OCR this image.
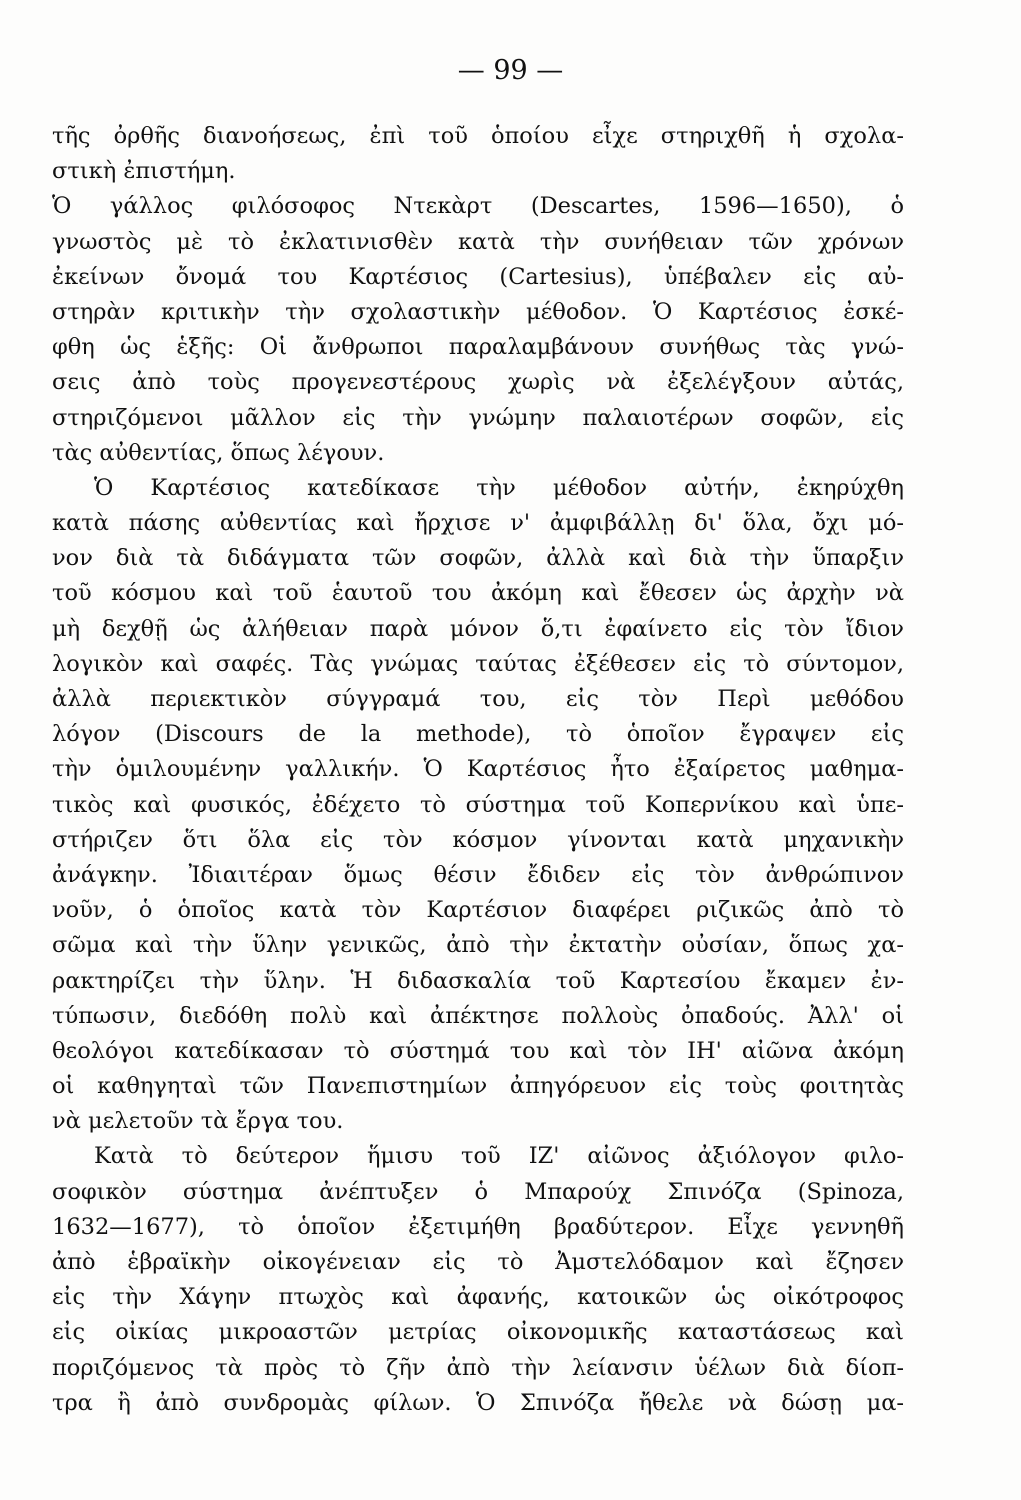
— 99 —
τῆς ὀρθῆς διανοήσεως, ἐπὶ τοῦ ὁποίου εἶχε στηριχθῆ ἡ σχολα-
στικὴ ἐπιστήμη.
Ὁ γάλλος φιλόσοφος Ντεκὰρτ (Descartes, 1596—1650), ὁ
γνωστὸς μὲ τὸ ἐκλατινισθὲν κατὰ τὴν συνήθειαν τῶν χρόνων
ἐκείνων ὄνομά του Καρτέσιος (Cartesius), ὑπέβαλεν εἰς αὐ-
στηρὰν κριτικὴν τὴν σχολαστικὴν μέθοδον. Ὁ Καρτέσιος ἐσκέ-
φθη ὡς ἑξῆς: Οἱ ἄνθρωποι παραλαμβάνουν συνήθως τὰς γνώ-
σεις ἀπὸ τοὺς προγενεστέρους χωρὶς νὰ ἐξελέγξουν αὐτάς,
στηριζόμενοι μᾶλλον εἰς τὴν γνώμην παλαιοτέρων σοφῶν, εἰς
τὰς αὐθεντίας, ὅπως λέγουν.
Ὁ Καρτέσιος κατεδίκασε τὴν μέθοδον αὐτήν, ἐκηρύχθη
κατὰ πάσης αὐθεντίας καὶ ἤρχισε ν' ἀμφιβάλλῃ δι' ὅλα, ὄχι μό-
νον διὰ τὰ διδάγματα τῶν σοφῶν, ἀλλὰ καὶ διὰ τὴν ὕπαρξιν
τοῦ κόσμου καὶ τοῦ ἑαυτοῦ του ἀκόμη καὶ ἔθεσεν ὡς ἀρχὴν νὰ
μὴ δεχθῇ ὡς ἀλήθειαν παρὰ μόνον ὅ,τι ἐφαίνετο εἰς τὸν ἴδιον
λογικὸν καὶ σαφές. Τὰς γνώμας ταύτας ἐξέθεσεν εἰς τὸ σύντομον,
ἀλλὰ περιεκτικὸν σύγγραμά του, εἰς τὸν Περὶ μεθόδου
λόγον (Discours de la methode), τὸ ὁποῖον ἔγραψεν εἰς
τὴν ὁμιλουμένην γαλλικήν. Ὁ Καρτέσιος ἦτο ἐξαίρετος μαθημα-
τικὸς καὶ φυσικός, ἐδέχετο τὸ σύστημα τοῦ Κοπερνίκου καὶ ὑπε-
στήριζεν ὅτι ὅλα εἰς τὸν κόσμον γίνονται κατὰ μηχανικὴν
ἀνάγκην. Ἰδιαιτέραν ὅμως θέσιν ἔδιδεν εἰς τὸν ἀνθρώπινον
νοῦν, ὁ ὁποῖος κατὰ τὸν Καρτέσιον διαφέρει ριζικῶς ἀπὸ τὸ
σῶμα καὶ τὴν ὕλην γενικῶς, ἀπὸ τὴν ἐκτατὴν οὐσίαν, ὅπως χα-
ρακτηρίζει τὴν ὕλην. Ἡ διδασκαλία τοῦ Καρτεσίου ἔκαμεν ἐν-
τύπωσιν, διεδόθη πολὺ καὶ ἀπέκτησε πολλοὺς ὀπαδούς. Ἀλλ' οἱ
θεολόγοι κατεδίκασαν τὸ σύστημά του καὶ τὸν ΙΗ' αἰῶνα ἀκόμη
οἱ καθηγηταὶ τῶν Πανεπιστημίων ἀπηγόρευον εἰς τοὺς φοιτητὰς
νὰ μελετοῦν τὰ ἔργα του.
Κατὰ τὸ δεύτερον ἥμισυ τοῦ ΙΖ' αἰῶνος ἀξιόλογον φιλο-
σοφικὸν σύστημα ἀνέπτυξεν ὁ Μπαρούχ Σπινόζα (Spinoza,
1632—1677), τὸ ὁποῖον ἐξετιμήθη βραδύτερον. Εἶχε γεννηθῆ
ἀπὸ ἑβραϊκὴν οἰκογένειαν εἰς τὸ Ἀμστελόδαμον καὶ ἔζησεν
εἰς τὴν Χάγην πτωχὸς καὶ ἀφανής, κατοικῶν ὡς οἰκότροφος
εἰς οἰκίας μικροαστῶν μετρίας οἰκονομικῆς καταστάσεως καὶ
ποριζόμενος τὰ πρὸς τὸ ζῆν ἀπὸ τὴν λείανσιν ὑέλων διὰ δίοπ-
τρα ἢ ἀπὸ συνδρομὰς φίλων. Ὁ Σπινόζα ἤθελε νὰ δώσῃ μα-
